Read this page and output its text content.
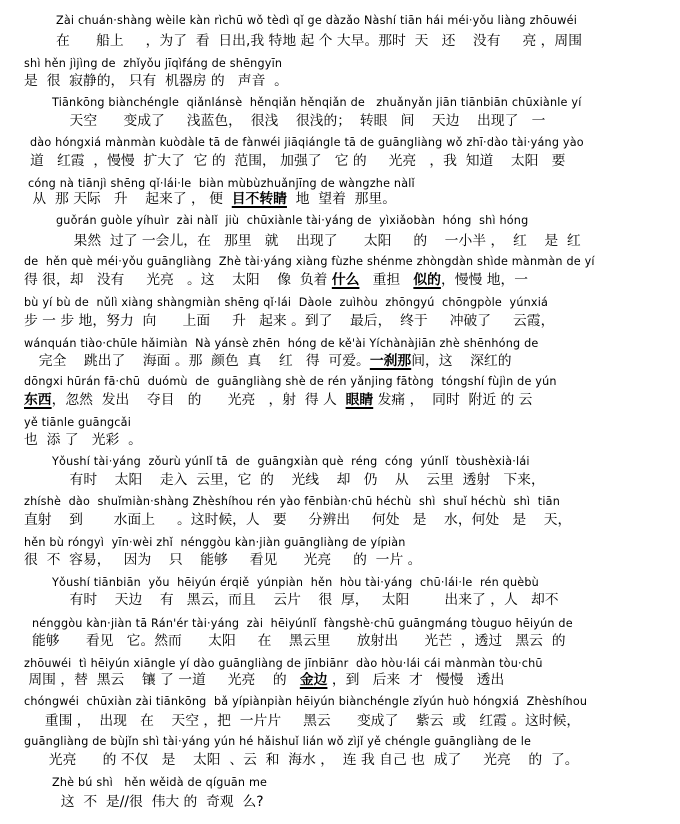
Zài chuán·shàng wèile kàn rìchū wǒ tèdì qǐ ge dàzǎo Nàshí tiān hái méi·yǒu liàng zhōuwéi
在      船上     ，为了  看  日出,我 特地 起 个 大早。那时  天   还    没有     亮 ，周围
shì hěn jìjìng de  zhǐyǒu jīqìfáng de shēngyīn
是  很  寂静的， 只有  机器房 的   声音  。
Tiānkōng biànchéngle  qiǎnlánsè  hěnqiǎn hěnqiǎn de   zhuǎnyǎn jiān tiānbiān chūxiànle yí
天空      变成了     浅蓝色，  很浅    很浅的；  转眼   间    天边    出现了   一
dào hóngxiá mànmàn kuòdàle tā de fànwéi jiāqiángle tā de guāngliàng wǒ zhī·dào tài·yáng yào
道   红霞  ，慢慢  扩大了  它 的  范围， 加强了   它 的     光亮   ，我  知道    太阳   要
cóng nà tiānjì shēng qǐ·lái·le  biàn mùbùzhuǎnjīng de wàngzhe nàlǐ
从  那 天际   升    起来了 ， 便  目不转睛  地  望着  那里。
guǒrán guòle yíhuìr  zài nàlǐ  jiù  chūxiànle tài·yáng de  yìxiǎobàn  hóng  shì hóng
果然  过了 一会儿，在   那里   就    出现了      太阳     的    一小半 ，  红    是  红
de  hěn què méi·yǒu guāngliàng  Zhè tài·yáng xiàng fùzhe shénme zhòngdàn shìde mànmàn de yí
得 很，却   没有     光亮   。这    太阳    像  负着 什么   重担   似的，慢慢 地，一
bù yí bù de  nǔlì xiàng shàngmiàn shēng qǐ·lái  Dàole  zuìhòu  zhōngyú  chōngpòle  yúnxiá
步 一 步 地，努力  向      上面     升   起来 。到了    最后，  终于     冲破了     云霞，
wánquán tiào·chūle hǎimiàn  Nà yánsè zhēn  hóng de kě'ài Yíchànàjiān zhè shēnhóng de
完全    跳出了    海面 。那  颜色  真    红   得  可爱。一刹那间，这    深红的
dōngxi hūrán fā·chū  duómù  de  guāngliàng shè de rén yǎnjing fātòng  tóngshí fùjìn de yún
东西，忽然  发出    夺目   的      光亮   ，射  得 人  眼睛 发痛 ，  同时  附近 的 云
yě tiānle guāngcǎi
也  添 了   光彩  。
Yǒushí tài·yáng  zǒurù yúnlǐ tā  de  guāngxiàn què  réng  cóng  yúnlǐ  tòushèxià·lái
有时    太阳    走入  云里，它  的    光线    却   仍    从    云里  透射   下来，
zhíshè  dào  shuǐmiàn·shàng Zhèshíhou rén yào fēnbiàn·chū héchù  shì  shuǐ héchù  shì  tiān
直射    到       水面上     。这时候，人   要     分辨出     何处   是    水，何处   是    天，
hěn bù róngyì  yīn·wèi zhǐ  nénggòu kàn·jiàn guāngliàng de yípiàn
很  不  容易，   因为    只    能够     看见      光亮     的  一片 。
Yǒushí tiānbiān  yǒu  hēiyún érqiě  yúnpiàn  hěn  hòu tài·yáng  chū·lái·le  rén quèbù
有时    天边    有   黑云，而且    云片    很  厚，   太阳        出来了 ，人   却不
nénggòu kàn·jiàn tā Rán'ér tài·yáng  zài  hēiyúnlǐ  fàngshè·chū guāngmáng tòuguo hēiyún de
能够      看见   它。然而      太阳     在    黑云里      放射出      光芒  ，透过   黑云  的
zhōuwéi  tì hēiyún xiāngle yí dào guāngliàng de jīnbiānr  dào hòu·lái cái mànmàn tòu·chū
周围 ，替  黑云    镶 了 一道     光亮    的   金边 ，到   后来  才   慢慢   透出
chóngwéi  chūxiàn zài tiānkōng  bǎ yípiànpiàn hēiyún biànchéngle zǐyún huò hóngxiá  Zhèshíhou
重围 ，  出现   在    天空 ，把  一片片     黑云      变成了    紫云  或   红霞 。这时候，
guāngliàng de bùjǐn shì tài·yáng yún hé hǎishuǐ lián wǒ zìjǐ yě chéngle guāngliàng de le
光亮      的 不仅   是    太阳  、云  和  海水 ，  连 我 自己 也  成了     光亮    的  了。
Zhè bú shì   hěn wěidà de qíguān me
这  不  是//很  伟大 的  奇观  么?
